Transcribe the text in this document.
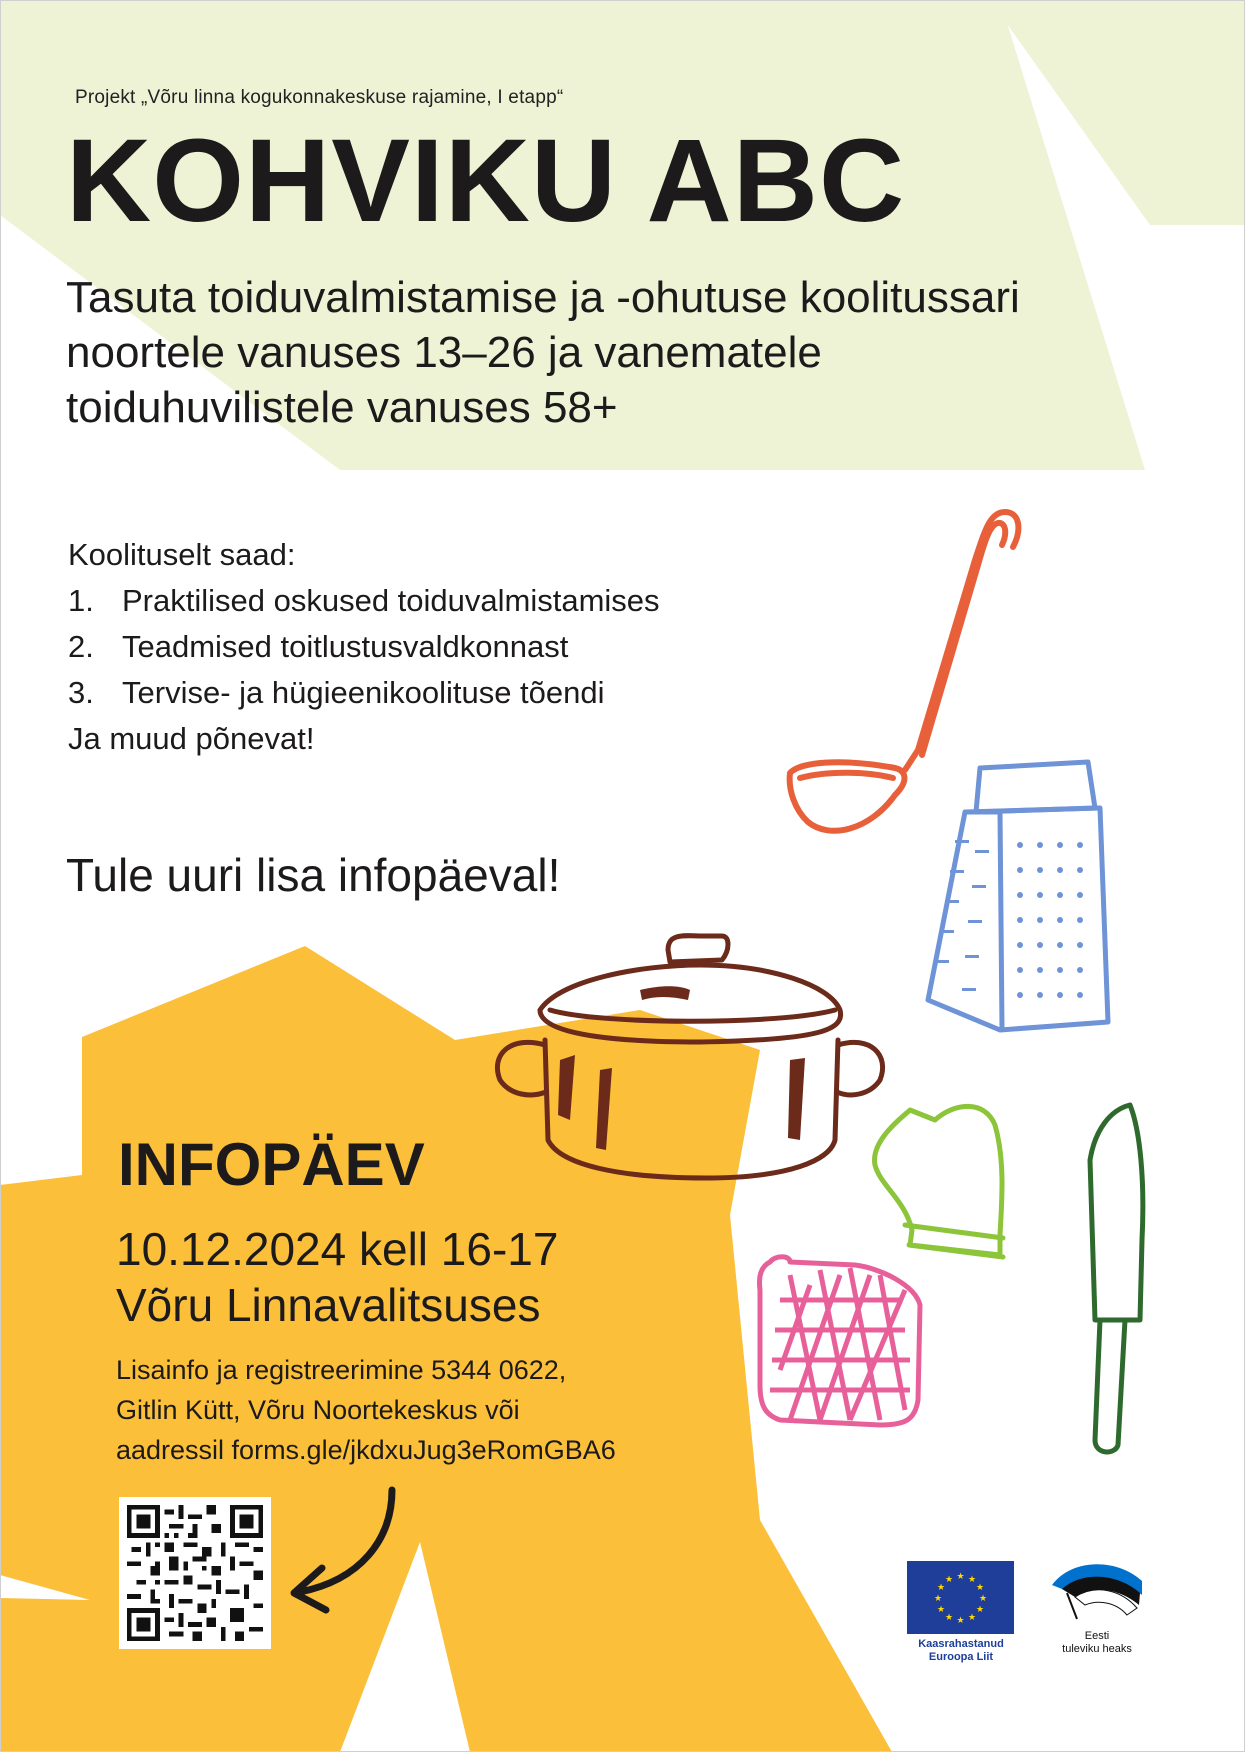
Projekt „Võru linna kogukonnakeskuse rajamine, I etapp“
KOHVIKU ABC
Tasuta toiduvalmistamise ja -ohutuse koolitussari noortele vanuses 13–26 ja vanematele toiduhuvilistele vanuses 58+
Koolituselt saad:
1. Praktilised oskused toiduvalmistamises
2. Teadmised toitlustusvaldkonnast
3. Tervise- ja hügieenikoolituse tõendi
Ja muud põnevat!
Tule uuri lisa infopäeval!
INFOPÄEV
10.12.2024 kell 16-17
Võru Linnavalitsuses
Lisainfo ja registreerimine 5344 0622,
Gitlin Kütt, Võru Noortekeskus või
aadressil forms.gle/jkdxuJug3eRomGBA6
★ ★
★
★
★
★
★
★
★
★
★
★
Kaasrahastanud
Euroopa Liit
Eesti
tuleviku heaks
